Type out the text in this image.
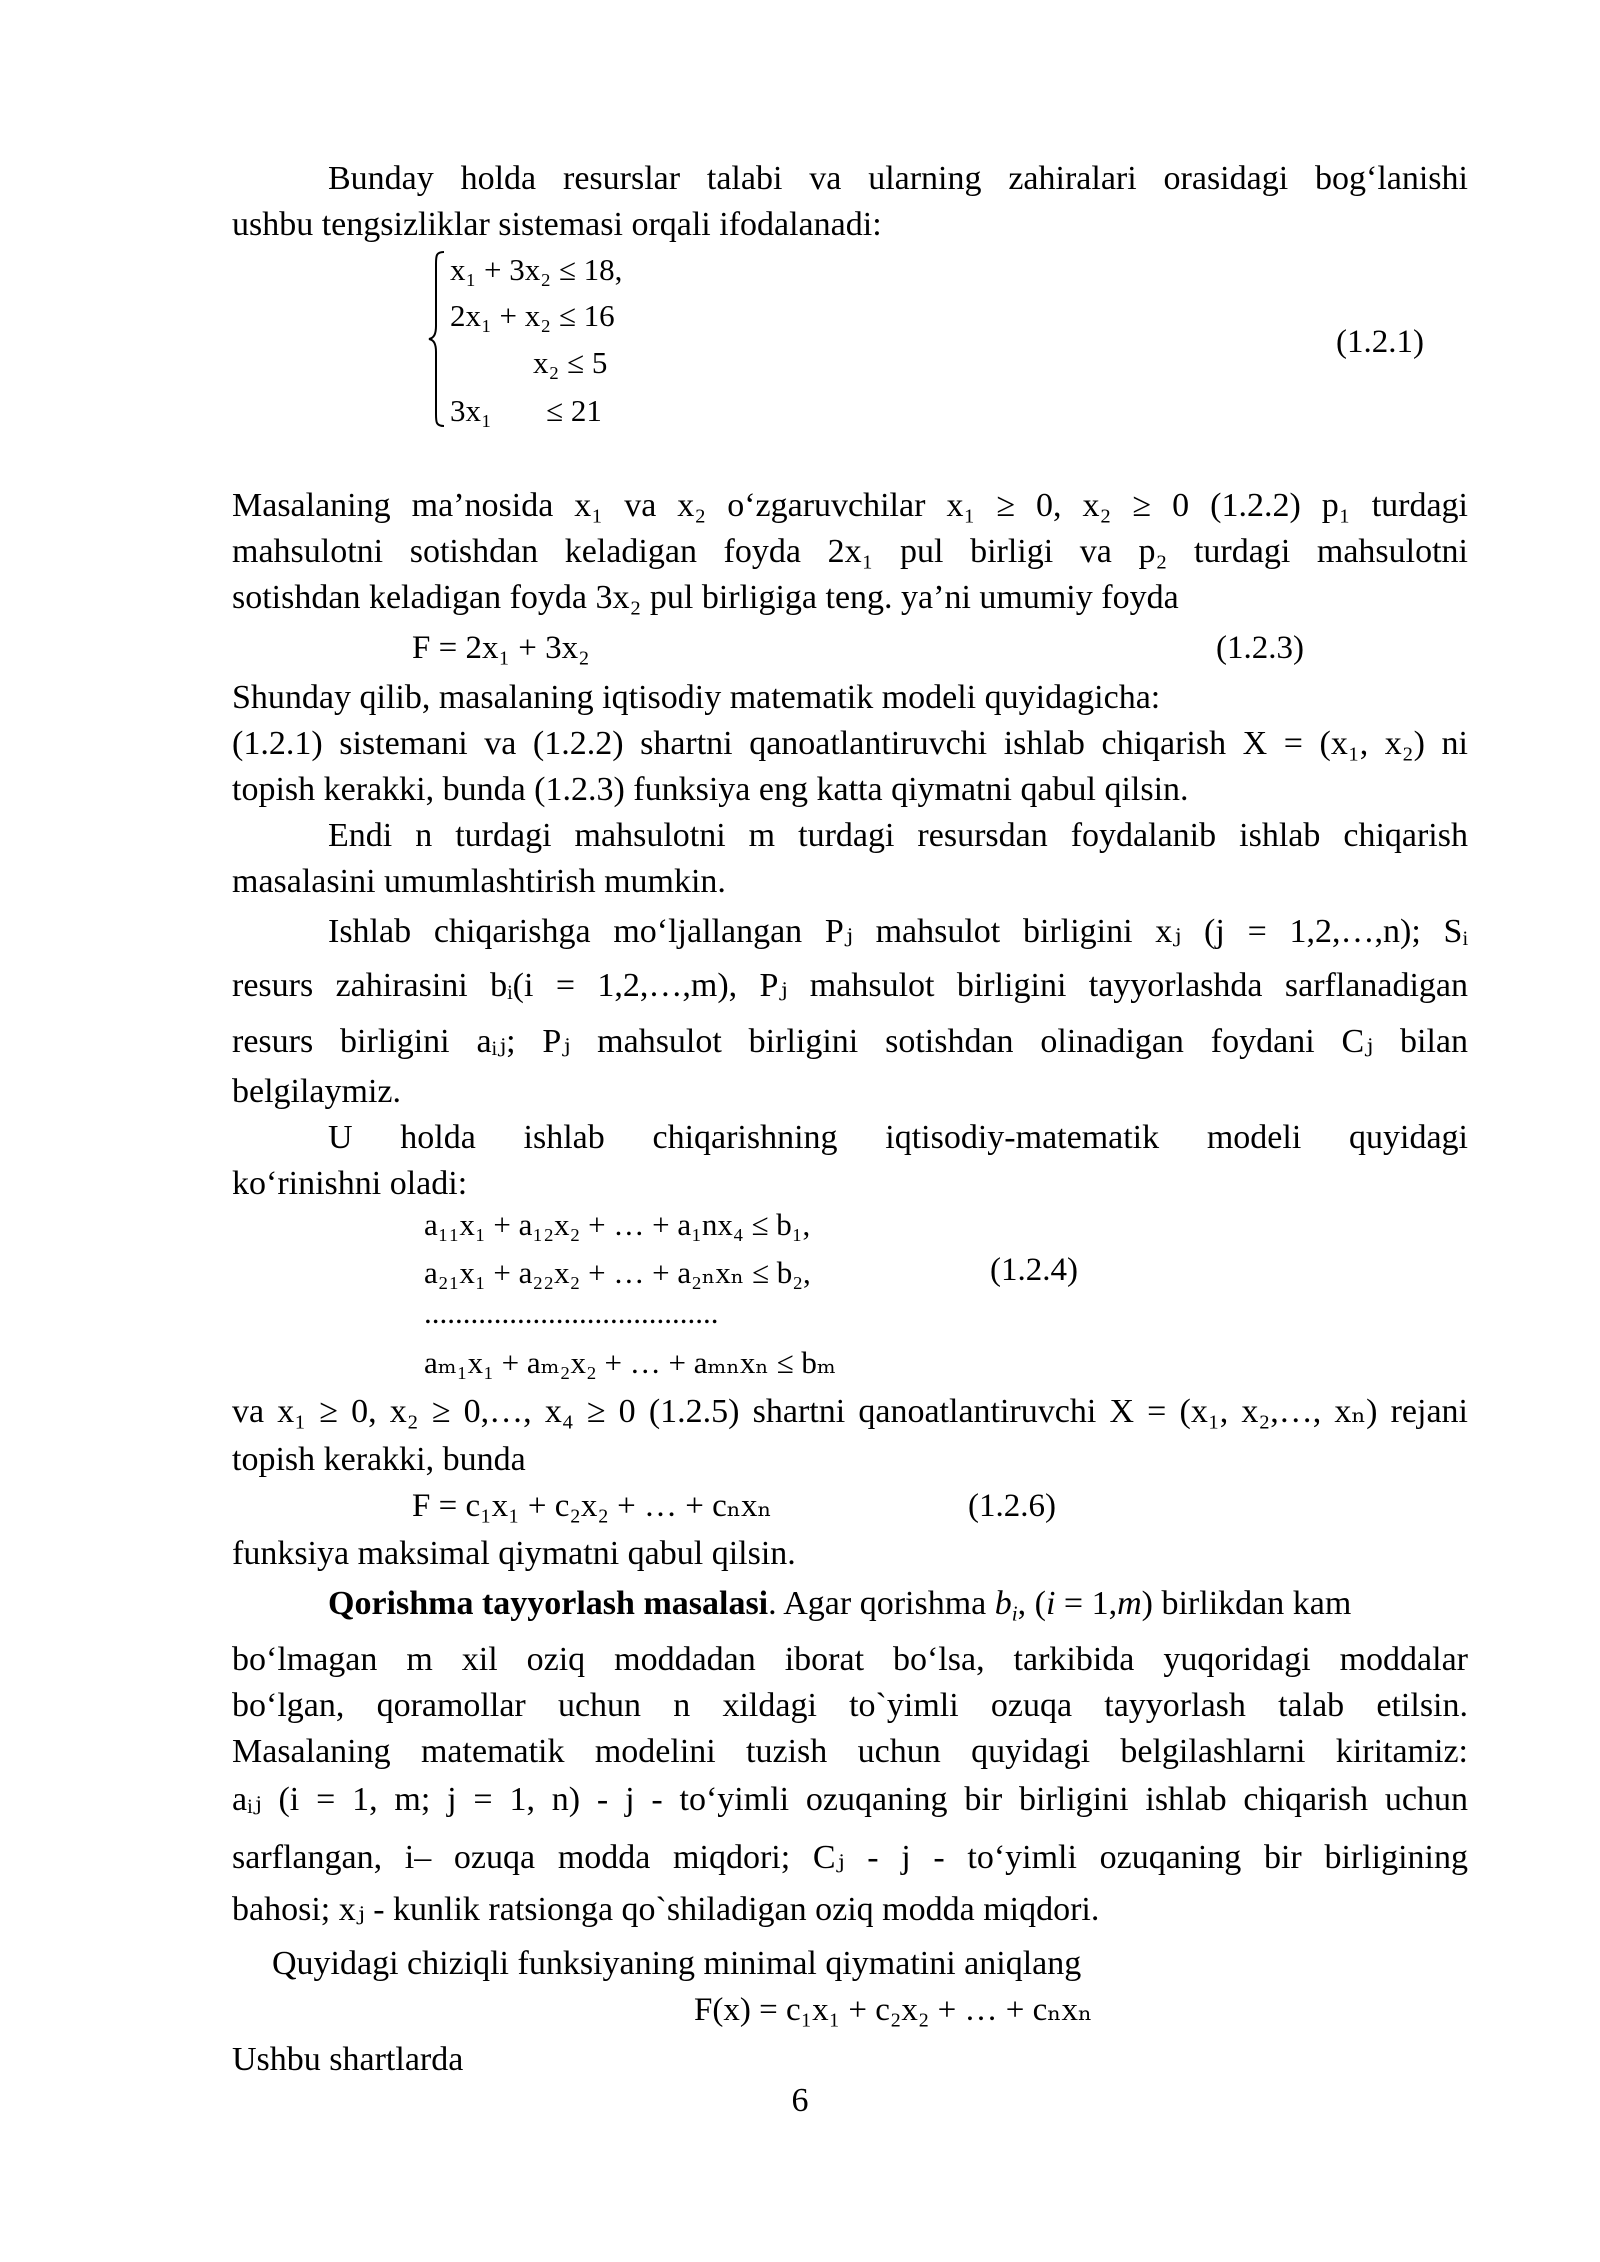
Bunday holda resurslar talabi va ularning zahiralari orasidagi bog‘lanishi
ushbu tengsizliklar sistemasi orqali ifodalanadi:
x₁ + 3x₂ ≤ 18,
2x₁ + x₂ ≤ 16
x₂ ≤ 5
3x₁       ≤ 21
(1.2.1)
Masalaning ma’nosida x₁ va x₂ o‘zgaruvchilar x₁ ≥ 0, x₂ ≥ 0 (1.2.2) p₁ turdagi
mahsulotni sotishdan keladigan foyda 2x₁ pul birligi va p₂ turdagi mahsulotni
sotishdan keladigan foyda 3x₂ pul birligiga teng. ya’ni umumiy foyda
F = 2x₁ + 3x₂	(1.2.3)
Shunday qilib, masalaning iqtisodiy matematik modeli quyidagicha:
(1.2.1) sistemani va (1.2.2) shartni qanoatlantiruvchi ishlab chiqarish X = (x₁, x₂) ni
topish kerakki, bunda (1.2.3) funksiya eng katta qiymatni qabul qilsin.
Endi n turdagi mahsulotni m turdagi resursdan foydalanib ishlab chiqarish
masalasini umumlashtirish mumkin.
Ishlab chiqarishga mo‘ljallangan Pⱼ mahsulot birligini xⱼ (j = 1,2,…,n); Sᵢ
resurs zahirasini bᵢ(i = 1,2,…,m), Pⱼ mahsulot birligini tayyorlashda sarflanadigan
resurs birligini aᵢⱼ; Pⱼ mahsulot birligini sotishdan olinadigan foydani Cⱼ bilan
belgilaymiz.
U holda ishlab chiqarishning iqtisodiy-matematik modeli quyidagi
ko‘rinishni oladi:
a₁₁x₁ + a₁₂x₂ + … + a₁nx₄ ≤ b₁,
a₂₁x₁ + a₂₂x₂ + … + a₂ₙxₙ ≤ b₂,	(1.2.4)
......................................
aₘ₁x₁ + aₘ₂x₂ + … + aₘₙxₙ ≤ bₘ
va x₁ ≥ 0, x₂ ≥ 0,…, x₄ ≥ 0 (1.2.5) shartni qanoatlantiruvchi X = (x₁, x₂,…, xₙ) rejani
topish kerakki, bunda
F = c₁x₁ + c₂x₂ + … + cₙxₙ	(1.2.6)
funksiya maksimal qiymatni qabul qilsin.
Qorishma tayyorlash masalasi. Agar qorishma $b_i$, (i = 1,m) birlikdan kam
bo‘lmagan m xil oziq moddadan iborat bo‘lsa, tarkibida yuqoridagi moddalar
bo‘lgan, qoramollar uchun n xildagi to`yimli ozuqa tayyorlash talab etilsin.
Masalaning matematik modelini tuzish uchun quyidagi belgilashlarni kiritamiz:
aᵢⱼ (i = 1, m; j = 1, n) - j - to‘yimli ozuqaning bir birligini ishlab chiqarish uchun
sarflangan, i– ozuqa modda miqdori; Cⱼ - j - to‘yimli ozuqaning bir birligining
bahosi; xⱼ - kunlik ratsionga qo`shiladigan oziq modda miqdori.
Quyidagi chiziqli funksiyaning minimal qiymatini aniqlang
F(x) = c₁x₁ + c₂x₂ + … + cₙxₙ
Ushbu shartlarda
6
